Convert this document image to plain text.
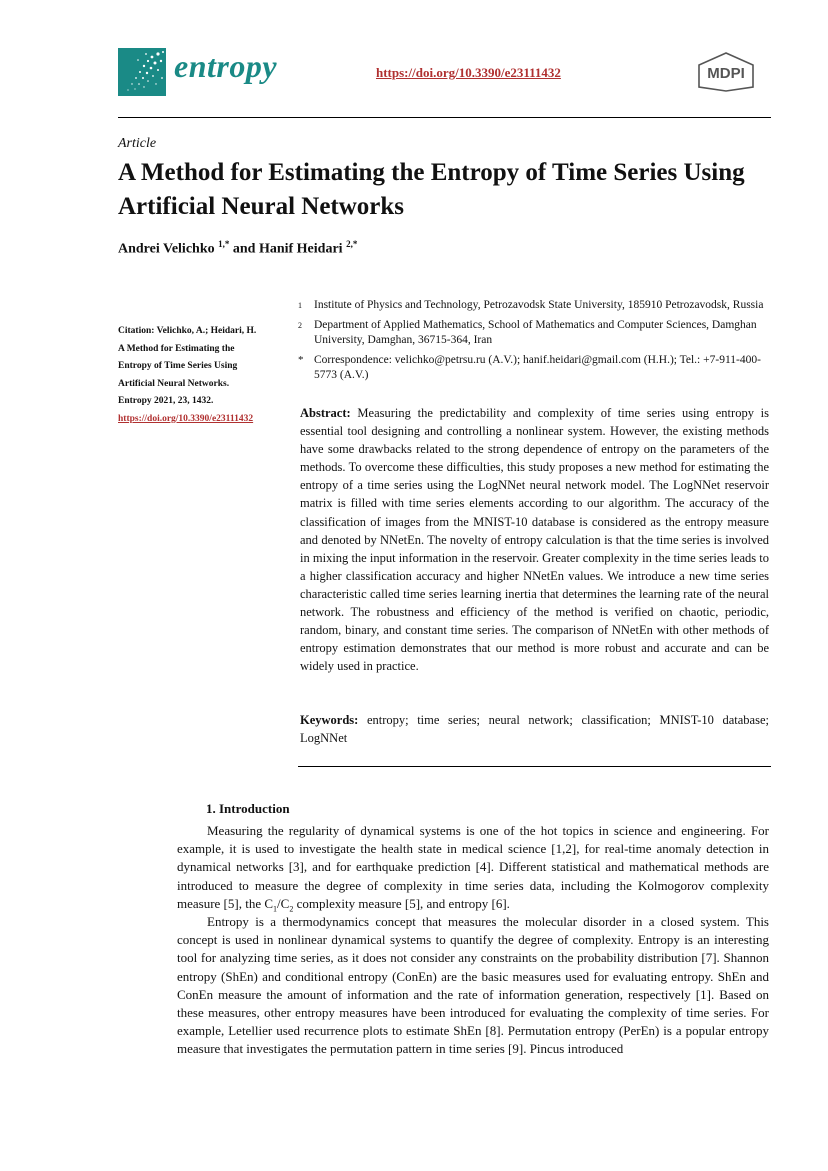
entropy	https://doi.org/10.3390/e23111432	MDPI
Article
A Method for Estimating the Entropy of Time Series Using Artificial Neural Networks
Andrei Velichko $^{1,*}$ and Hanif Heidari $^{2,*}$
1 Institute of Physics and Technology, Petrozavodsk State University, 185910 Petrozavodsk, Russia
2 Department of Applied Mathematics, School of Mathematics and Computer Sciences, Damghan University, Damghan, 36715-364, Iran
* Correspondence: velichko@petrsu.ru (A.V.); hanif.heidari@gmail.com (H.H.); Tel.: +7-911-400-5773 (A.V.)
Citation: Velichko, A.; Heidari, H.
A Method for Estimating the
Entropy of Time Series Using
Artificial Neural Networks.
Entropy 2021, 23, 1432.
https://doi.org/10.3390/e23111432	Abstract: Measuring the predictability and complexity of time series using entropy is essential tool designing and controlling a nonlinear system. However, the existing methods have some drawbacks related to the strong dependence of entropy on the parameters of the methods. To overcome these difficulties, this study proposes a new method for estimating the entropy of a time series using the LogNNet neural network model. The LogNNet reservoir matrix is filled with time series elements according to our algorithm. The accuracy of the classification of images from the MNIST-10 database is considered as the entropy measure and denoted by NNetEn. The novelty of entropy calculation is that the time series is involved in mixing the input information in the reservoir. Greater complexity in the time series leads to a higher classification accuracy and higher NNetEn values. We introduce a new time series characteristic called time series learning inertia that determines the learning rate of the neural network. The robustness and efficiency of the method is verified on chaotic, periodic, random, binary, and constant time series. The comparison of NNetEn with other methods of entropy estimation demonstrates that our method is more robust and accurate and can be widely used in practice.
Keywords: entropy; time series; neural network; classification; MNIST-10 database; LogNNet
1. Introduction

Measuring the regularity of dynamical systems is one of the hot topics in science and engineering. For example, it is used to investigate the health state in medical science [1,2], for real-time anomaly detection in dynamical networks [3], and for earthquake prediction [4]. Different statistical and mathematical methods are introduced to measure the degree of complexity in time series data, including the Kolmogorov complexity measure [5], the $C_1/C_2$ complexity measure [5], and entropy [6].

Entropy is a thermodynamics concept that measures the molecular disorder in a closed system. This concept is used in nonlinear dynamical systems to quantify the degree of complexity. Entropy is an interesting tool for analyzing time series, as it does not consider any constraints on the probability distribution [7]. Shannon entropy (ShEn) and conditional entropy (ConEn) are the basic measures used for evaluating entropy. ShEn and ConEn measure the amount of information and the rate of information generation, respectively [1]. Based on these measures, other entropy measures have been introduced for evaluating the complexity of time series. For example, Letellier used recurrence plots to estimate ShEn [8]. Permutation entropy (PerEn) is a popular entropy measure that investigates the permutation pattern in time series [9]. Pincus introduced
